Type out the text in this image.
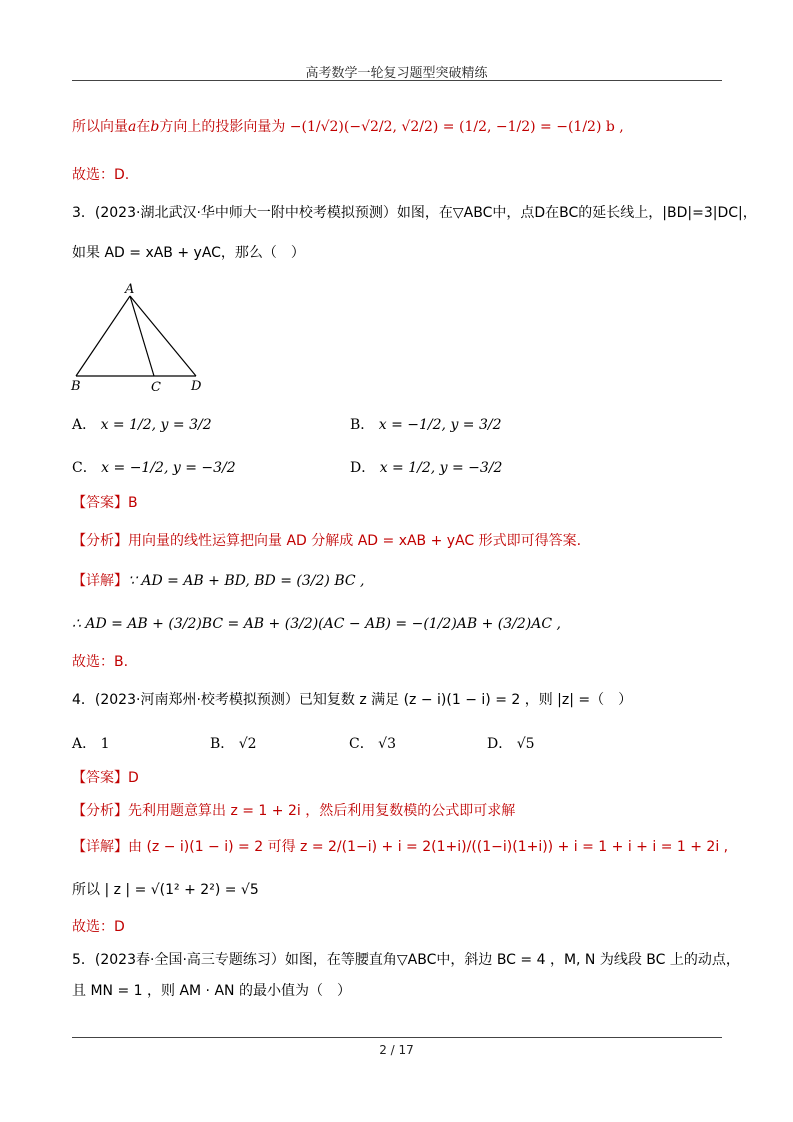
高考数学一轮复习题型突破精练
所以向量a在b方向上的投影向量为 −(1/√2)(−√2/2, √2/2) = (1/2, −1/2) = −(1/2) b ,
故选：D.
3．(2023·湖北武汉·华中师大一附中校考模拟预测）如图，在▽ABC中，点D在BC的延长线上，|BD|=3|DC|，
如果 AD = xAB + yAC，那么（　）
A
B	C D
A． x = 1/2, y = 3/2	B． x = −1/2, y = 3/2
C． x = −1/2, y = −3/2	D． x = 1/2, y = −3/2
【答案】B
【分析】用向量的线性运算把向量 AD 分解成 AD = xAB + yAC 形式即可得答案.
【详解】∵ AD = AB + BD, BD = (3/2) BC ,
∴ AD = AB + (3/2)BC = AB + (3/2)(AC − AB) = −(1/2)AB + (3/2)AC ,
故选：B.
4．(2023·河南郑州·校考模拟预测）已知复数 z 满足 (z − i)(1 − i) = 2 ，则 |z| =（　）
A． 1	B． √2	C． √3	D． √5
【答案】D
【分析】先利用题意算出 z = 1 + 2i ，然后利用复数模的公式即可求解
【详解】由 (z − i)(1 − i) = 2 可得 z = 2/(1−i) + i = 2(1+i)/((1−i)(1+i)) + i = 1 + i + i = 1 + 2i ,
所以 | z | = √(1² + 2²) = √5
故选：D
5．(2023春·全国·高三专题练习）如图，在等腰直角▽ABC中，斜边 BC = 4 ，M, N 为线段 BC 上的动点，
且 MN = 1 ，则 AM · AN 的最小值为（　）
2 / 17
